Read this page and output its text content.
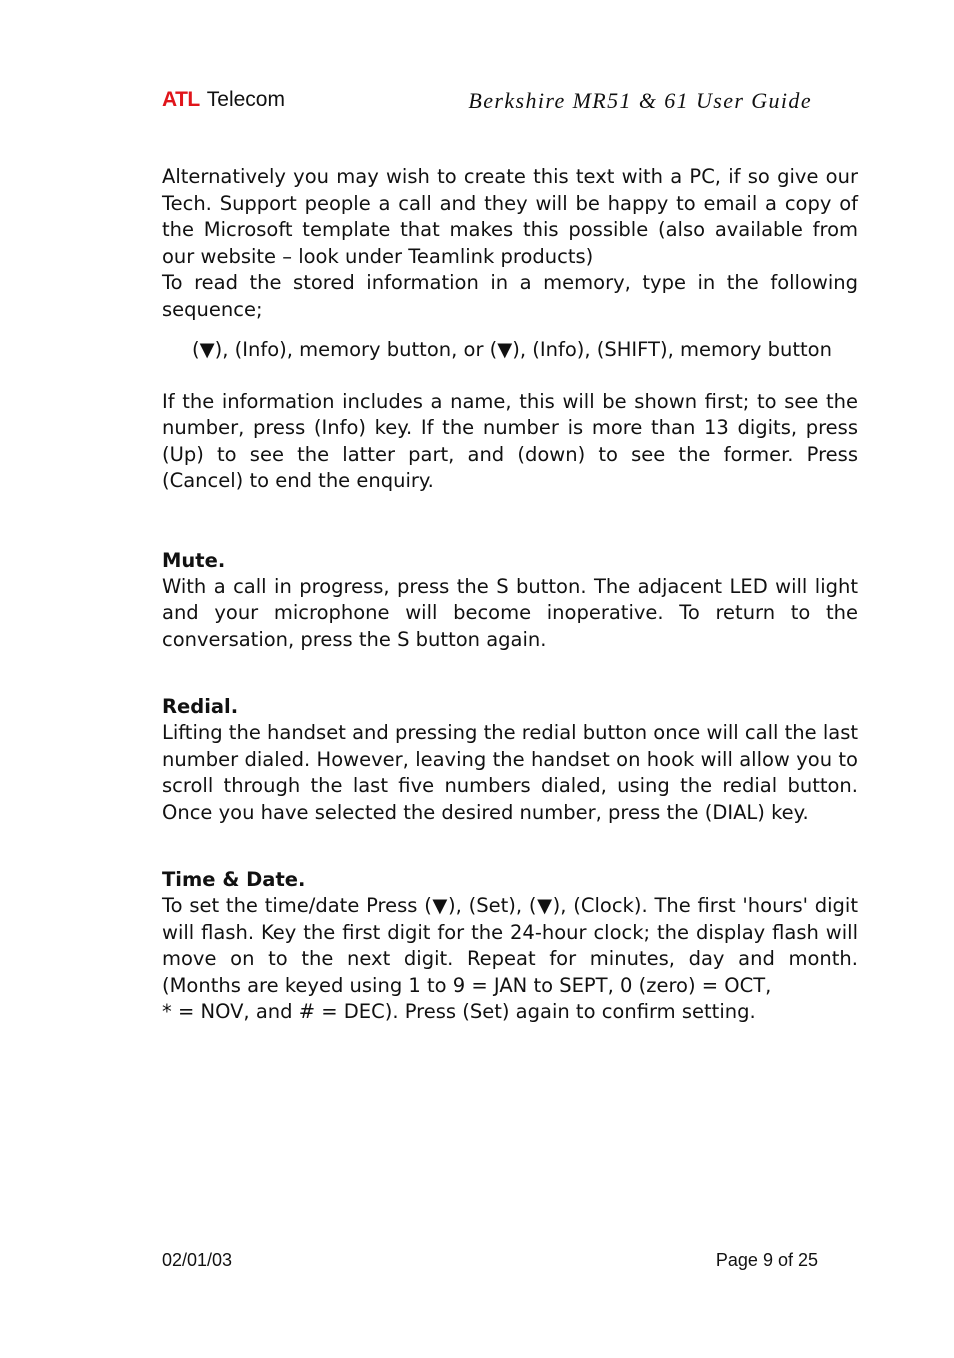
ATL Telecom	Berkshire MR51 & 61 User Guide

Alternatively you may wish to create this text with a PC, if so give our Tech. Support people a call and they will be happy to email a copy of the Microsoft template that makes this possible (also available from our website – look under Teamlink products)

To read the stored information in a memory, type in the following sequence;

(▼), (Info), memory button, or (▼), (Info), (SHIFT), memory button

If the information includes a name, this will be shown first; to see the number, press (Info) key. If the number is more than 13 digits, press (Up) to see the latter part, and (down) to see the former. Press (Cancel) to end the enquiry.

Mute.

With a call in progress, press the S button. The adjacent LED will light and your microphone will become inoperative. To return to the conversation, press the S button again.

Redial.

Lifting the handset and pressing the redial button once will call the last number dialed. However, leaving the handset on hook will allow you to scroll through the last five numbers dialed, using the redial button. Once you have selected the desired number, press the (DIAL) key.

Time & Date.

To set the time/date Press (▼), (Set), (▼), (Clock). The first 'hours' digit will flash. Key the first digit for the 24-hour clock; the display flash will move on to the next digit. Repeat for minutes, day and month. (Months are keyed using 1 to 9 = JAN to SEPT, 0 (zero) = OCT,

* = NOV, and # = DEC). Press (Set) again to confirm setting.

02/01/03	Page 9 of 25
